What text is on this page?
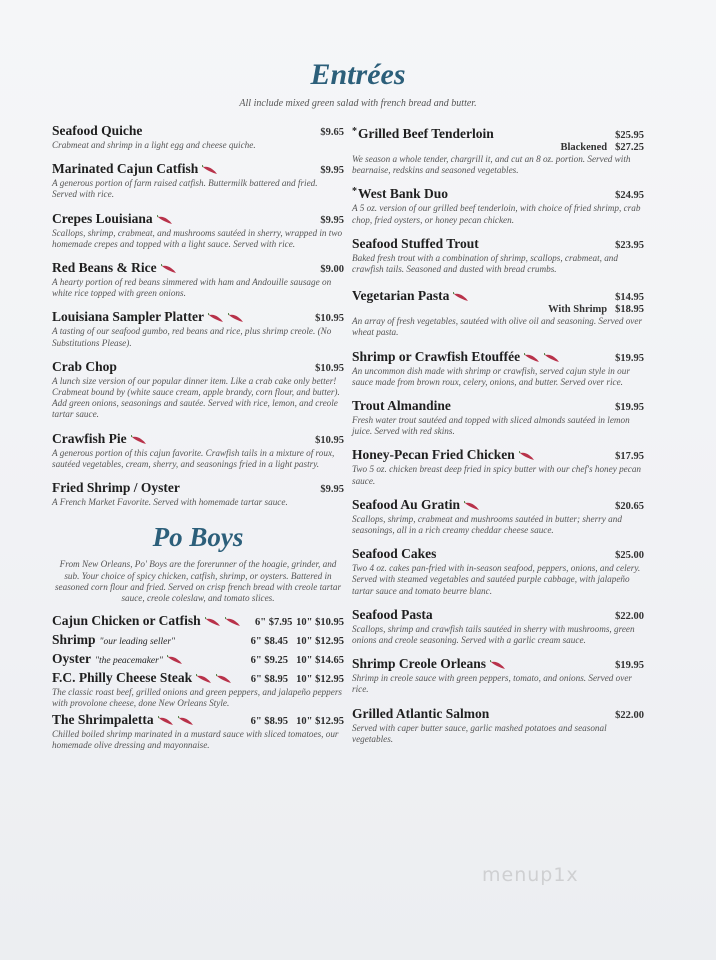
Entrées
All include mixed green salad with french bread and butter.
Seafood Quiche	$9.65
Crabmeat and shrimp in a light egg and cheese quiche.
Marinated Cajun Catfish	$9.95
A generous portion of farm raised catfish. Buttermilk battered and fried. Served with rice.
Crepes Louisiana	$9.95
Scallops, shrimp, crabmeat, and mushrooms sautéed in sherry, wrapped in two homemade crepes and topped with a light sauce. Served with rice.
Red Beans & Rice	$9.00
A hearty portion of red beans simmered with ham and Andouille sausage on white rice topped with green onions.
Louisiana Sampler Platter	$10.95
A tasting of our seafood gumbo, red beans and rice, plus shrimp creole. (No Substitutions Please).
Crab Chop	$10.95
A lunch size version of our popular dinner item. Like a crab cake only better! Crabmeat bound by (white sauce cream, apple brandy, corn flour, and butter). Add green onions, seasonings and sautée. Served with rice, lemon, and creole tartar sauce.
Crawfish Pie	$10.95
A generous portion of this cajun favorite. Crawfish tails in a mixture of roux, sautéed vegetables, cream, sherry, and seasonings fried in a light pastry.
Fried Shrimp / Oyster	$9.95
A French Market Favorite. Served with homemade tartar sauce.
Po Boys
From New Orleans, Po' Boys are the forerunner of the hoagie, grinder, and sub. Your choice of spicy chicken, catfish, shrimp, or oysters. Battered in seasoned corn flour and fried. Served on crisp french bread with creole tartar sauce, creole coleslaw, and tomato slices.
Cajun Chicken or Catfish	6" $7.95 10" $10.95
Shrimp "our leading seller"	6" $8.45 10" $12.95
Oyster "the peacemaker"	6" $9.25 10" $14.65
F.C. Philly Cheese Steak	6" $8.95 10" $12.95
The classic roast beef, grilled onions and green peppers, and jalapeño peppers with provolone cheese, done New Orleans Style.
The Shrimpaletta	6" $8.95 10" $12.95
Chilled boiled shrimp marinated in a mustard sauce with sliced tomatoes, our homemade olive dressing and mayonnaise.
*Grilled Beef Tenderloin	$25.95

Blackened $27.25
We season a whole tender, chargrill it, and cut an 8 oz. portion. Served with bearnaise, redskins and seasoned vegetables.
*West Bank Duo	$24.95
A 5 oz. version of our grilled beef tenderloin, with choice of fried shrimp, crab chop, fried oysters, or honey pecan chicken.
Seafood Stuffed Trout	$23.95
Baked fresh trout with a combination of shrimp, scallops, crabmeat, and crawfish tails. Seasoned and dusted with bread crumbs.
Vegetarian Pasta	$14.95

With Shrimp $18.95
An array of fresh vegetables, sautéed with olive oil and seasoning. Served over wheat pasta.
Shrimp or Crawfish Etouffée	$19.95
An uncommon dish made with shrimp or crawfish, served cajun style in our sauce made from brown roux, celery, onions, and butter. Served over rice.
Trout Almandine	$19.95
Fresh water trout sautéed and topped with sliced almonds sautéed in lemon juice. Served with red skins.
Honey-Pecan Fried Chicken	$17.95
Two 5 oz. chicken breast deep fried in spicy butter with our chef's honey pecan sauce.
Seafood Au Gratin	$20.65
Scallops, shrimp, crabmeat and mushrooms sautéed in butter; sherry and seasonings, all in a rich creamy cheddar cheese sauce.
Seafood Cakes	$25.00
Two 4 oz. cakes pan-fried with in-season seafood, peppers, onions, and celery. Served with steamed vegetables and sautéed purple cabbage, with jalapeño tartar sauce and tomato beurre blanc.
Seafood Pasta	$22.00
Scallops, shrimp and crawfish tails sautéed in sherry with mushrooms, green onions and creole seasoning. Served with a garlic cream sauce.
Shrimp Creole Orleans	$19.95
Shrimp in creole sauce with green peppers, tomato, and onions. Served over rice.
Grilled Atlantic Salmon	$22.00
Served with caper butter sauce, garlic mashed potatoes and seasonal vegetables.
menup1x
